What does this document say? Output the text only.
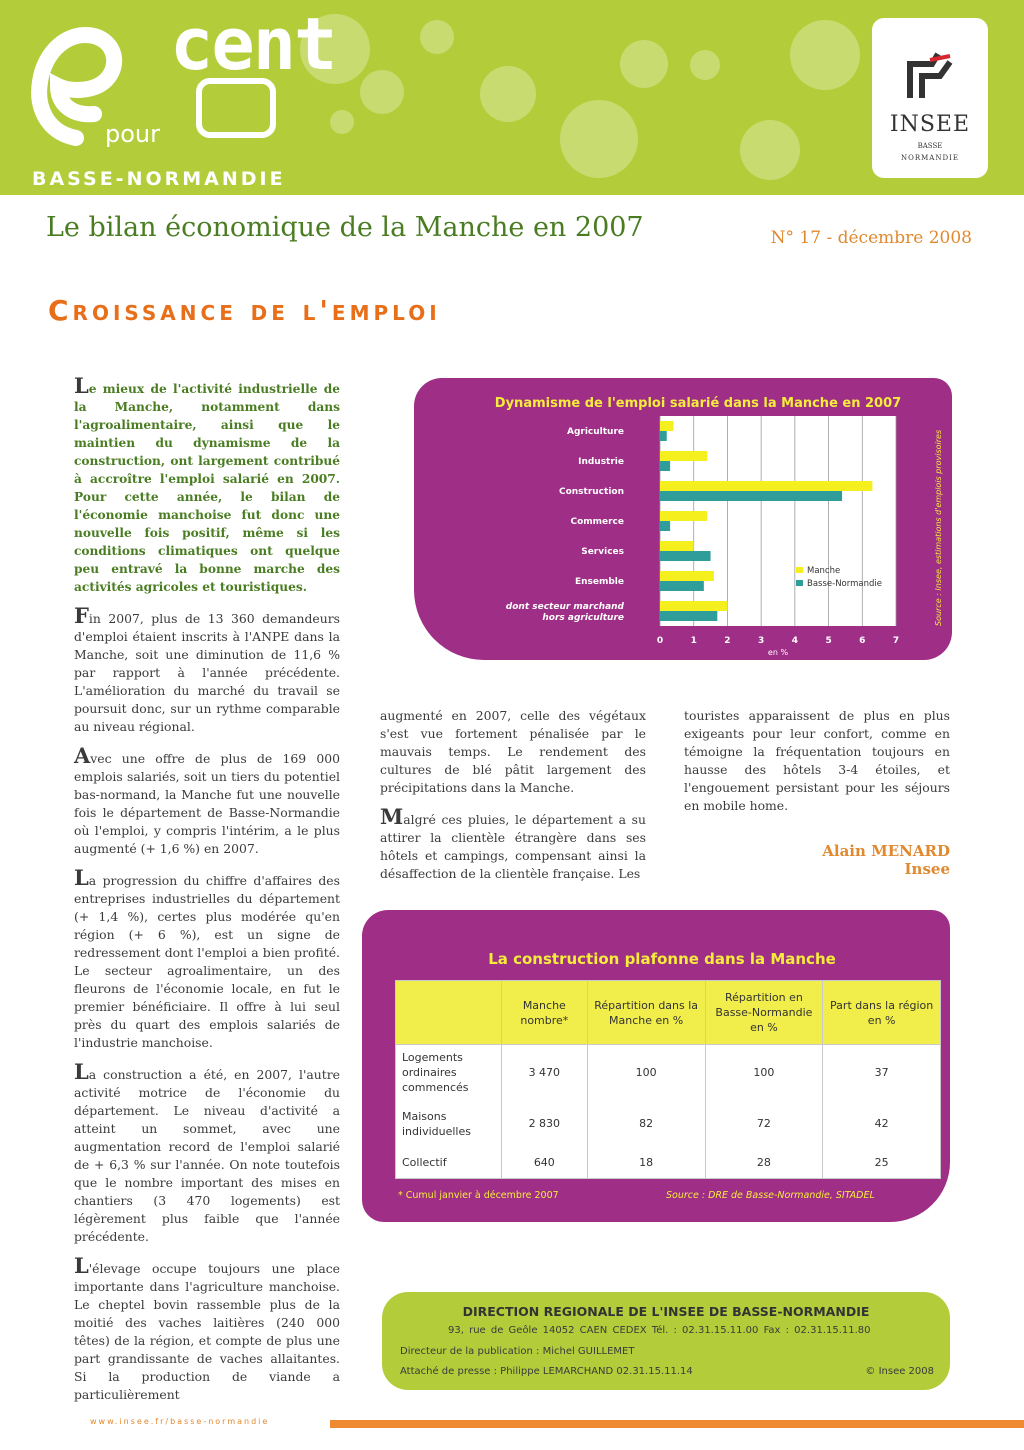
pour
cent
BASSE-NORMANDIE
INSEE
BASSE
NORMANDIE
Le bilan économique de la Manche en 2007	N° 17 - décembre 2008
Croissance de l'emploi

Le mieux de l'activité industrielle de la Manche, notamment dans l'agroalimentaire, ainsi que le maintien du dynamisme de la construction, ont largement contribué à accroître l'emploi salarié en 2007. Pour cette année, le bilan de l'économie manchoise fut donc une nouvelle fois positif, même si les conditions climatiques ont quelque peu entravé la bonne marche des activités agricoles et touristiques.

Fin 2007, plus de 13 360 demandeurs d'emploi étaient inscrits à l'ANPE dans la Manche, soit une diminution de 11,6 % par rapport à l'année précédente. L'amélioration du marché du travail se poursuit donc, sur un rythme comparable au niveau régional.

Avec une offre de plus de 169 000 emplois salariés, soit un tiers du potentiel bas-normand, la Manche fut une nouvelle fois le département de Basse-Normandie où l'emploi, y compris l'intérim, a le plus augmenté (+ 1,6 %) en 2007.

La progression du chiffre d'affaires des entreprises industrielles du département (+ 1,4 %), certes plus modérée qu'en région (+ 6 %), est un signe de redressement dont l'emploi a bien profité. Le secteur agroalimentaire, un des fleurons de l'économie locale, en fut le premier bénéficiaire. Il offre à lui seul près du quart des emplois salariés de l'industrie manchoise.

La construction a été, en 2007, l'autre activité motrice de l'économie du département. Le niveau d'activité a atteint un sommet, avec une augmentation record de l'emploi salarié de + 6,3 % sur l'année. On note toutefois que le nombre important des mises en chantiers (3 470 logements) est légèrement plus faible que l'année précédente.

L'élevage occupe toujours une place importante dans l'agriculture manchoise. Le cheptel bovin rassemble plus de la moitié des vaches laitières (240 000 têtes) de la région, et compte de plus une part grandissante de vaches allaitantes. Si la production de viande a particulièrement

augmenté en 2007, celle des végétaux s'est vue fortement pénalisée par le mauvais temps. Le rendement des cultures de blé pâtit largement des précipitations dans la Manche.

Malgré ces pluies, le département a su attirer la clientèle étrangère dans ses hôtels et campings, compensant ainsi la désaffection de la clientèle française. Les

touristes apparaissent de plus en plus exigeants pour leur confort, comme en témoigne la fréquentation toujours en hausse des hôtels 3-4 étoiles, et l'engouement persistant pour les séjours en mobile home.

Alain MENARD
Insee
Dynamisme de l'emploi salarié dans la Manche en 2007
0	1	2	3	4	5	6	7
en %
Agriculture
Industrie
Construction
Commerce
Services
Ensemble
dont secteur marchand hors agriculture
Manche
Basse-Normandie	Source : Insee, estimations d'emplois provisoires
La construction plafonne dans la Manche
	Manche nombre*	Répartition dans la Manche en %	Répartition en Basse-Normandie en %	Part dans la région en %
Logements ordinaires commencés	3 470	100	100	37
Maisons individuelles	2 830	82	72	42
Collectif	640	18	28	25
* Cumul janvier à décembre 2007	Source : DRE de Basse-Normandie, SITADEL
DIRECTION REGIONALE DE L'INSEE DE BASSE-NORMANDIE
93, rue de Geôle 14052 CAEN CEDEX Tél. : 02.31.15.11.00 Fax : 02.31.15.11.80
Directeur de la publication : Michel GUILLEMET
Attaché de presse : Philippe LEMARCHAND 02.31.15.11.14	© Insee 2008
www.insee.fr/basse-normandie
